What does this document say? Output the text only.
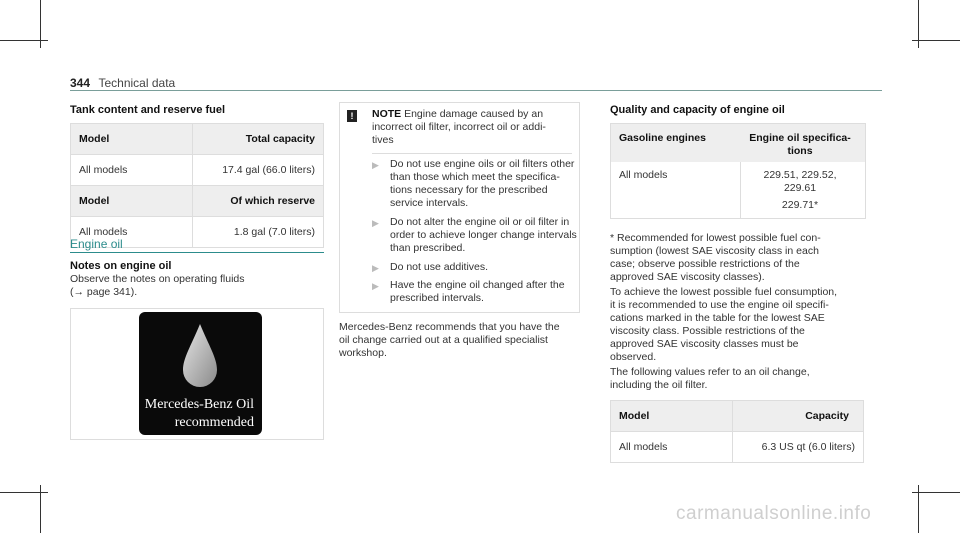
344 Technical data
Tank content and reserve fuel
Model	Total capacity
All models	17.4 gal (66.0 liters)
Model	Of which reserve
All models	1.8 gal (7.0 liters)
Engine oil
Notes on engine oil
Observe the notes on operating fluids
(→ page 341).
Mercedes-Benz Oil
recommended
!	NOTE Engine damage caused by an
incorrect oil filter, incorrect oil or addi-
tives
▶ Do not use engine oils or oil filters other
than those which meet the specifica-
tions necessary for the prescribed
service intervals.
▶ Do not alter the engine oil or oil filter in
order to achieve longer change intervals
than prescribed.
▶ Do not use additives.
▶ Have the engine oil changed after the
prescribed intervals.
Mercedes-Benz recommends that you have the
oil change carried out at a qualified specialist
workshop.
Quality and capacity of engine oil
Gasoline engines	Engine oil specifica-
tions
All models	229.51, 229.52,
229.61
229.71*
* Recommended for lowest possible fuel con-
sumption (lowest SAE viscosity class in each
case; observe possible restrictions of the
approved SAE viscosity classes).
To achieve the lowest possible fuel consumption,
it is recommended to use the engine oil specifi-
cations marked in the table for the lowest SAE
viscosity class. Possible restrictions of the
approved SAE viscosity classes must be
observed.
The following values refer to an oil change,
including the oil filter.
Model	Capacity
All models	6.3 US qt (6.0 liters)
carmanualsonline.info
